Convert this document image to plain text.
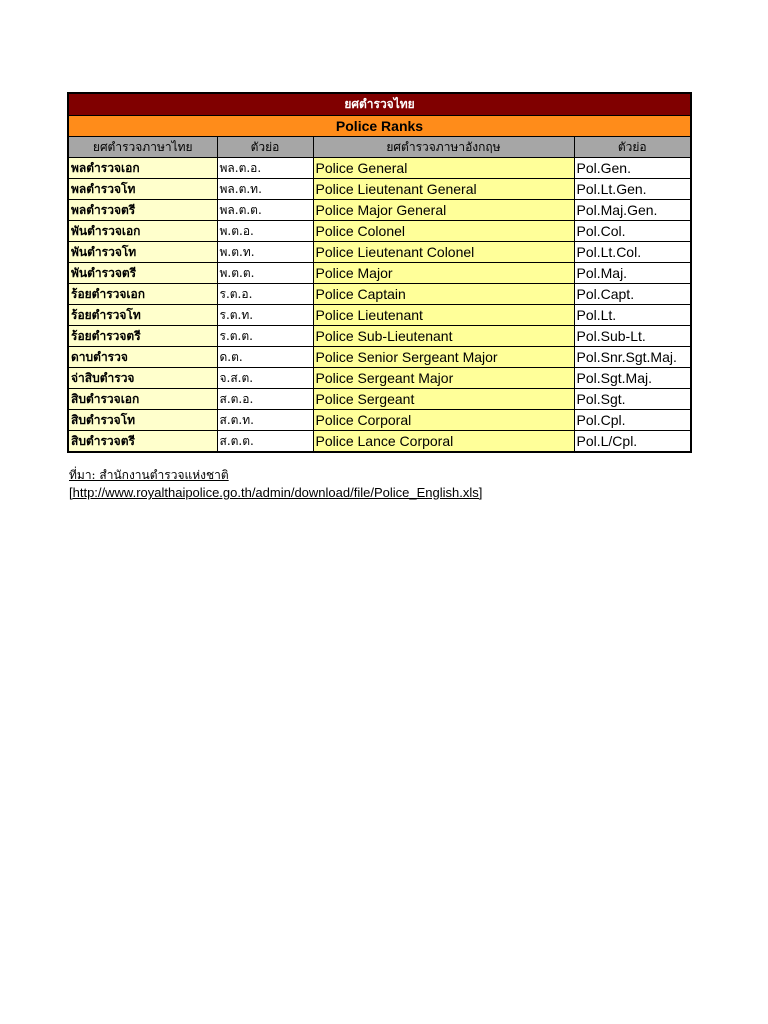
ยศตำรวจไทย
Police Ranks
ยศตำรวจภาษาไทย	ตัวย่อ	ยศตำรวจภาษาอังกฤษ	ตัวย่อ
พลตำรวจเอก	พล.ต.อ.	Police General	Pol.Gen.
พลตำรวจโท	พล.ต.ท.	Police Lieutenant General	Pol.Lt.Gen.
พลตำรวจตรี	พล.ต.ต.	Police Major General	Pol.Maj.Gen.
พันตำรวจเอก	พ.ต.อ.	Police Colonel	Pol.Col.
พันตำรวจโท	พ.ต.ท.	Police Lieutenant Colonel	Pol.Lt.Col.
พันตำรวจตรี	พ.ต.ต.	Police Major	Pol.Maj.
ร้อยตำรวจเอก	ร.ต.อ.	Police Captain	Pol.Capt.
ร้อยตำรวจโท	ร.ต.ท.	Police Lieutenant	Pol.Lt.
ร้อยตำรวจตรี	ร.ต.ต.	Police Sub-Lieutenant	Pol.Sub-Lt.
ดาบตำรวจ	ด.ต.	Police Senior Sergeant Major	Pol.Snr.Sgt.Maj.
จ่าสิบตำรวจ	จ.ส.ต.	Police Sergeant Major	Pol.Sgt.Maj.
สิบตำรวจเอก	ส.ต.อ.	Police Sergeant	Pol.Sgt.
สิบตำรวจโท	ส.ต.ท.	Police Corporal	Pol.Cpl.
สิบตำรวจตรี	ส.ต.ต.	Police Lance Corporal	Pol.L/Cpl.
ที่มา: สำนักงานตำรวจแห่งชาติ
[http://www.royalthaipolice.go.th/admin/download/file/Police_English.xls]
